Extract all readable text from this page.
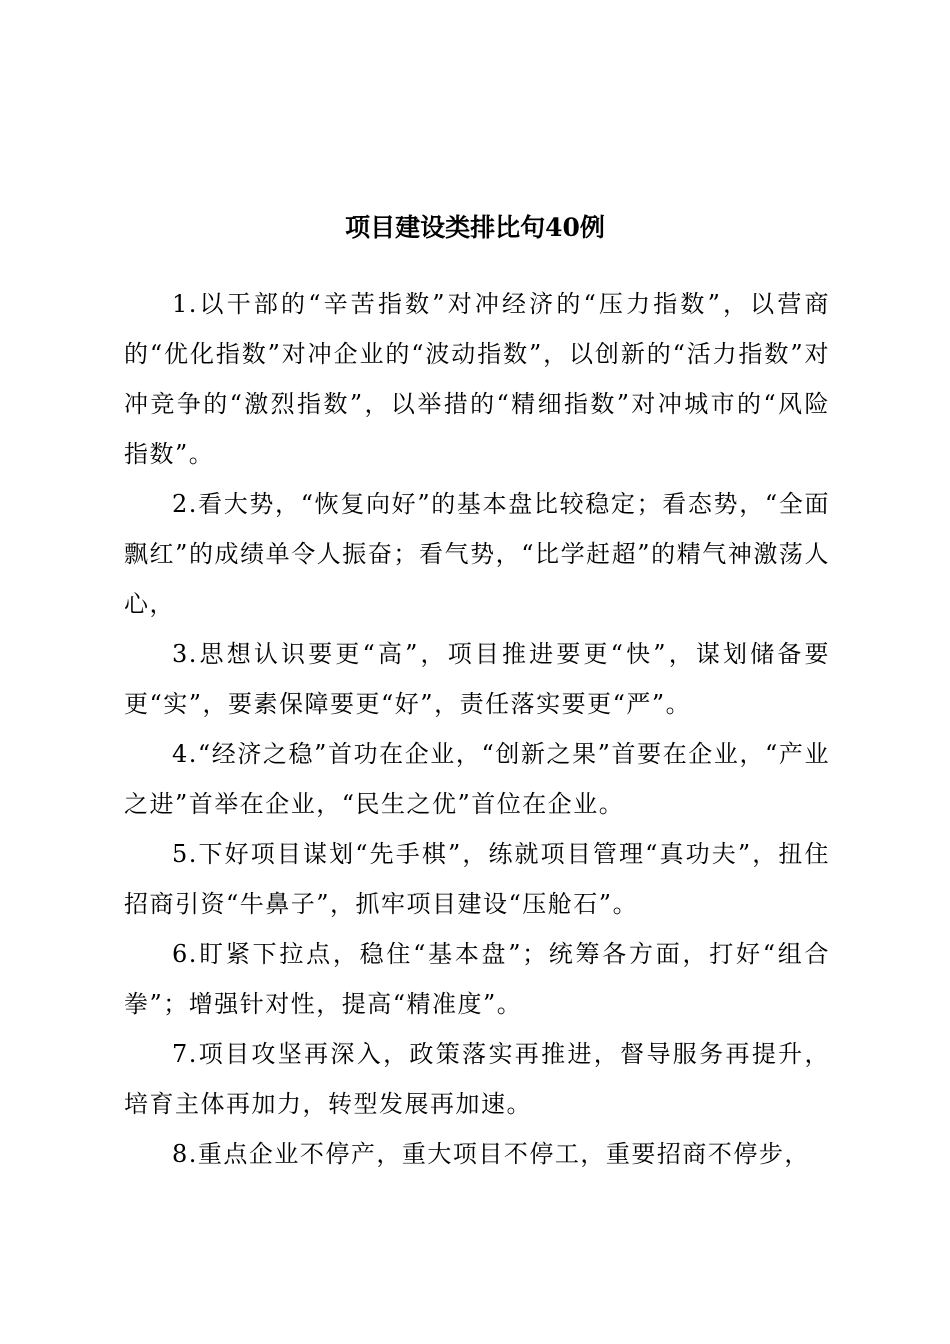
项目建设类排比句40例

1.以干部的“辛苦指数”对冲经济的“压力指数”，以营商的“优化指数”对冲企业的“波动指数”，以创新的“活力指数”对冲竞争的“激烈指数”，以举措的“精细指数”对冲城市的“风险指数”。

2.看大势，“恢复向好”的基本盘比较稳定；看态势，“全面飘红”的成绩单令人振奋；看气势，“比学赶超”的精气神激荡人心，

3.思想认识要更“高”，项目推进要更“快”，谋划储备要更“实”，要素保障要更“好”，责任落实要更“严”。

4.“经济之稳”首功在企业，“创新之果”首要在企业，“产业之进”首举在企业，“民生之优”首位在企业。

5.下好项目谋划“先手棋”，练就项目管理“真功夫”，扭住招商引资“牛鼻子”，抓牢项目建设“压舱石”。

6.盯紧下拉点，稳住“基本盘”；统筹各方面，打好“组合拳”；增强针对性，提高“精准度”。

7.项目攻坚再深入，政策落实再推进，督导服务再提升，培育主体再加力，转型发展再加速。

8.重点企业不停产，重大项目不停工，重要招商不停步，
